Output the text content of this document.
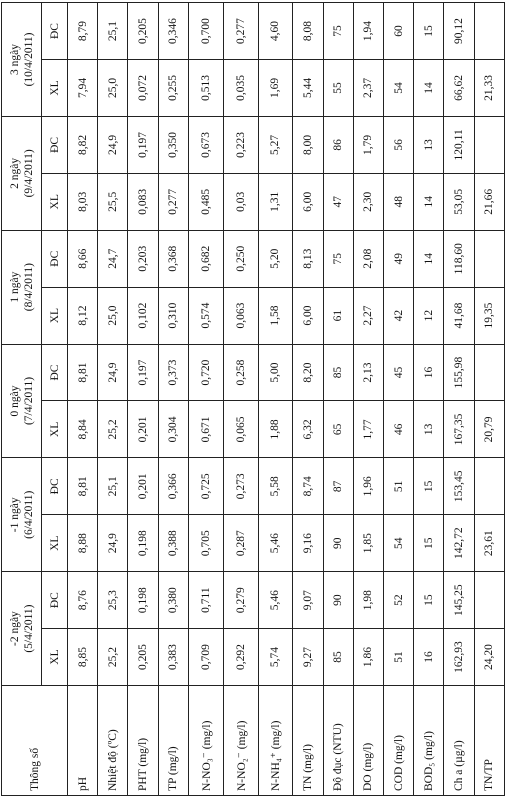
Thông số	-2 ngày (5/4/2011)		-1 ngày (6/4/2011)		0 ngày (7/4/2011)		1 ngày (8/4/2011)		2 ngày (9/4/2011)		3 ngày (10/4/2011)	

	XL	ĐC	XL	ĐC	XL	ĐC	XL	ĐC	XL	ĐC	XL	ĐC
pH	8,85	8,76	8,88	8,81	8,84	8,81	8,12	8,66	8,03	8,82	7,94	8,79
Nhiệt độ (ºC)	25,2	25,3	24,9	25,1	25,2	24,9	25,0	24,7	25,5	24,9	25,0	25,1
PHT (mg/l)	0,205	0,198	0,198	0,201	0,201	0,197	0,102	0,203	0,083	0,197	0,072	0,205
TP (mg/l)	0,383	0,380	0,388	0,366	0,304	0,373	0,310	0,368	0,277	0,350	0,255	0,346
N-NO₃⁻ (mg/l)	0,709	0,711	0,705	0,725	0,671	0,720	0,574	0,682	0,485	0,673	0,513	0,700
N-NO₂⁻ (mg/l)	0,292	0,279	0,287	0,273	0,065	0,258	0,063	0,250	0,03	0,223	0,035	0,277
N-NH₄⁺ (mg/l)	5,74	5,46	5,46	5,58	1,88	5,00	1,58	5,20	1,31	5,27	1,69	4,60
TN (mg/l)	9,27	9,07	9,16	8,74	6,32	8,20	6,00	8,13	6,00	8,00	5,44	8,08
Độ đục (NTU)	85	90	90	87	65	85	61	75	47	86	55	75
DO (mg/l)	1,86	1,98	1,85	1,96	1,77	2,13	2,27	2,08	2,30	1,79	2,37	1,94
COD (mg/l)	51	52	54	51	46	45	42	49	48	56	54	60
BOD₅ (mg/l)	16	15	15	15	13	16	12	14	14	13	14	15
Ch a (µg/l)	162,93	145,25	142,72	153,45	167,35	155,98	41,68	118,60	53,05	120,11	66,62	90,12
TN/TP	24,20		23,61		20,79		19,35		21,66		21,33	
